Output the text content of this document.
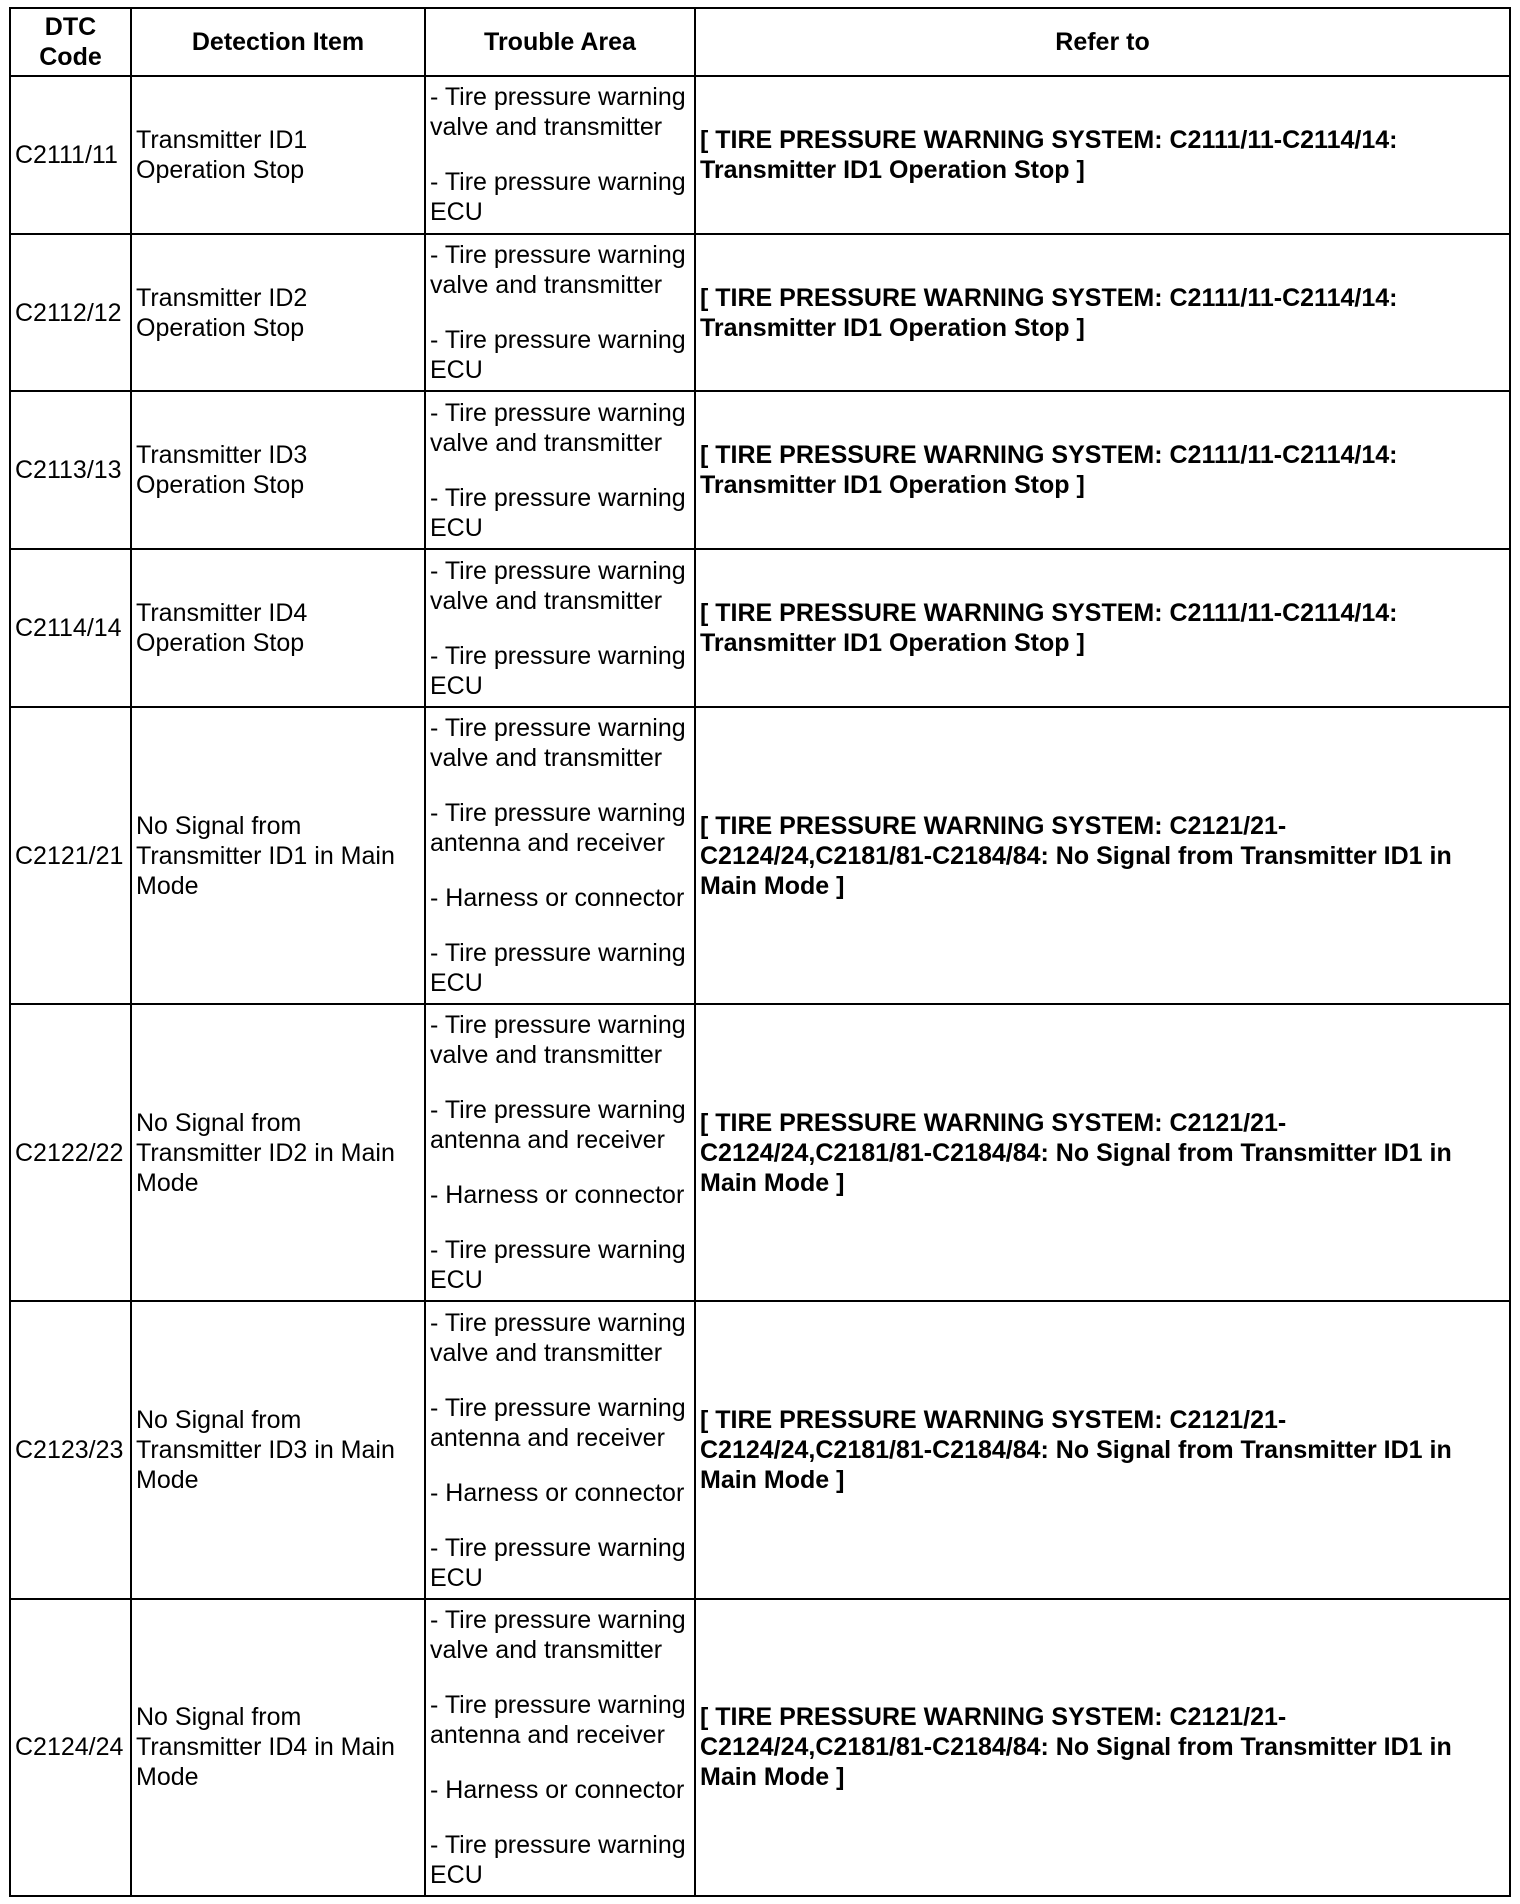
DTC Code	Detection Item	Trouble Area	Refer to
C2111/11	Transmitter ID1 Operation Stop	- Tire pressure warning valve and transmitter
- Tire pressure warning ECU	[ TIRE PRESSURE WARNING SYSTEM: C2111/11-C2114/14: Transmitter ID1 Operation Stop ]
C2112/12	Transmitter ID2 Operation Stop	- Tire pressure warning valve and transmitter
- Tire pressure warning ECU	[ TIRE PRESSURE WARNING SYSTEM: C2111/11-C2114/14: Transmitter ID1 Operation Stop ]
C2113/13	Transmitter ID3 Operation Stop	- Tire pressure warning valve and transmitter
- Tire pressure warning ECU	[ TIRE PRESSURE WARNING SYSTEM: C2111/11-C2114/14: Transmitter ID1 Operation Stop ]
C2114/14	Transmitter ID4 Operation Stop	- Tire pressure warning valve and transmitter
- Tire pressure warning ECU	[ TIRE PRESSURE WARNING SYSTEM: C2111/11-C2114/14: Transmitter ID1 Operation Stop ]
C2121/21	No Signal from Transmitter ID1 in Main Mode	- Tire pressure warning valve and transmitter
- Tire pressure warning antenna and receiver
- Harness or connector
- Tire pressure warning ECU	[ TIRE PRESSURE WARNING SYSTEM: C2121/21-C2124/24,C2181/81-C2184/84: No Signal from Transmitter ID1 in Main Mode ]
C2122/22	No Signal from Transmitter ID2 in Main Mode	- Tire pressure warning valve and transmitter
- Tire pressure warning antenna and receiver
- Harness or connector
- Tire pressure warning ECU	[ TIRE PRESSURE WARNING SYSTEM: C2121/21-C2124/24,C2181/81-C2184/84: No Signal from Transmitter ID1 in Main Mode ]
C2123/23	No Signal from Transmitter ID3 in Main Mode	- Tire pressure warning valve and transmitter
- Tire pressure warning antenna and receiver
- Harness or connector
- Tire pressure warning ECU	[ TIRE PRESSURE WARNING SYSTEM: C2121/21-C2124/24,C2181/81-C2184/84: No Signal from Transmitter ID1 in Main Mode ]
C2124/24	No Signal from Transmitter ID4 in Main Mode	- Tire pressure warning valve and transmitter
- Tire pressure warning antenna and receiver
- Harness or connector
- Tire pressure warning ECU	[ TIRE PRESSURE WARNING SYSTEM: C2121/21-C2124/24,C2181/81-C2184/84: No Signal from Transmitter ID1 in Main Mode ]
